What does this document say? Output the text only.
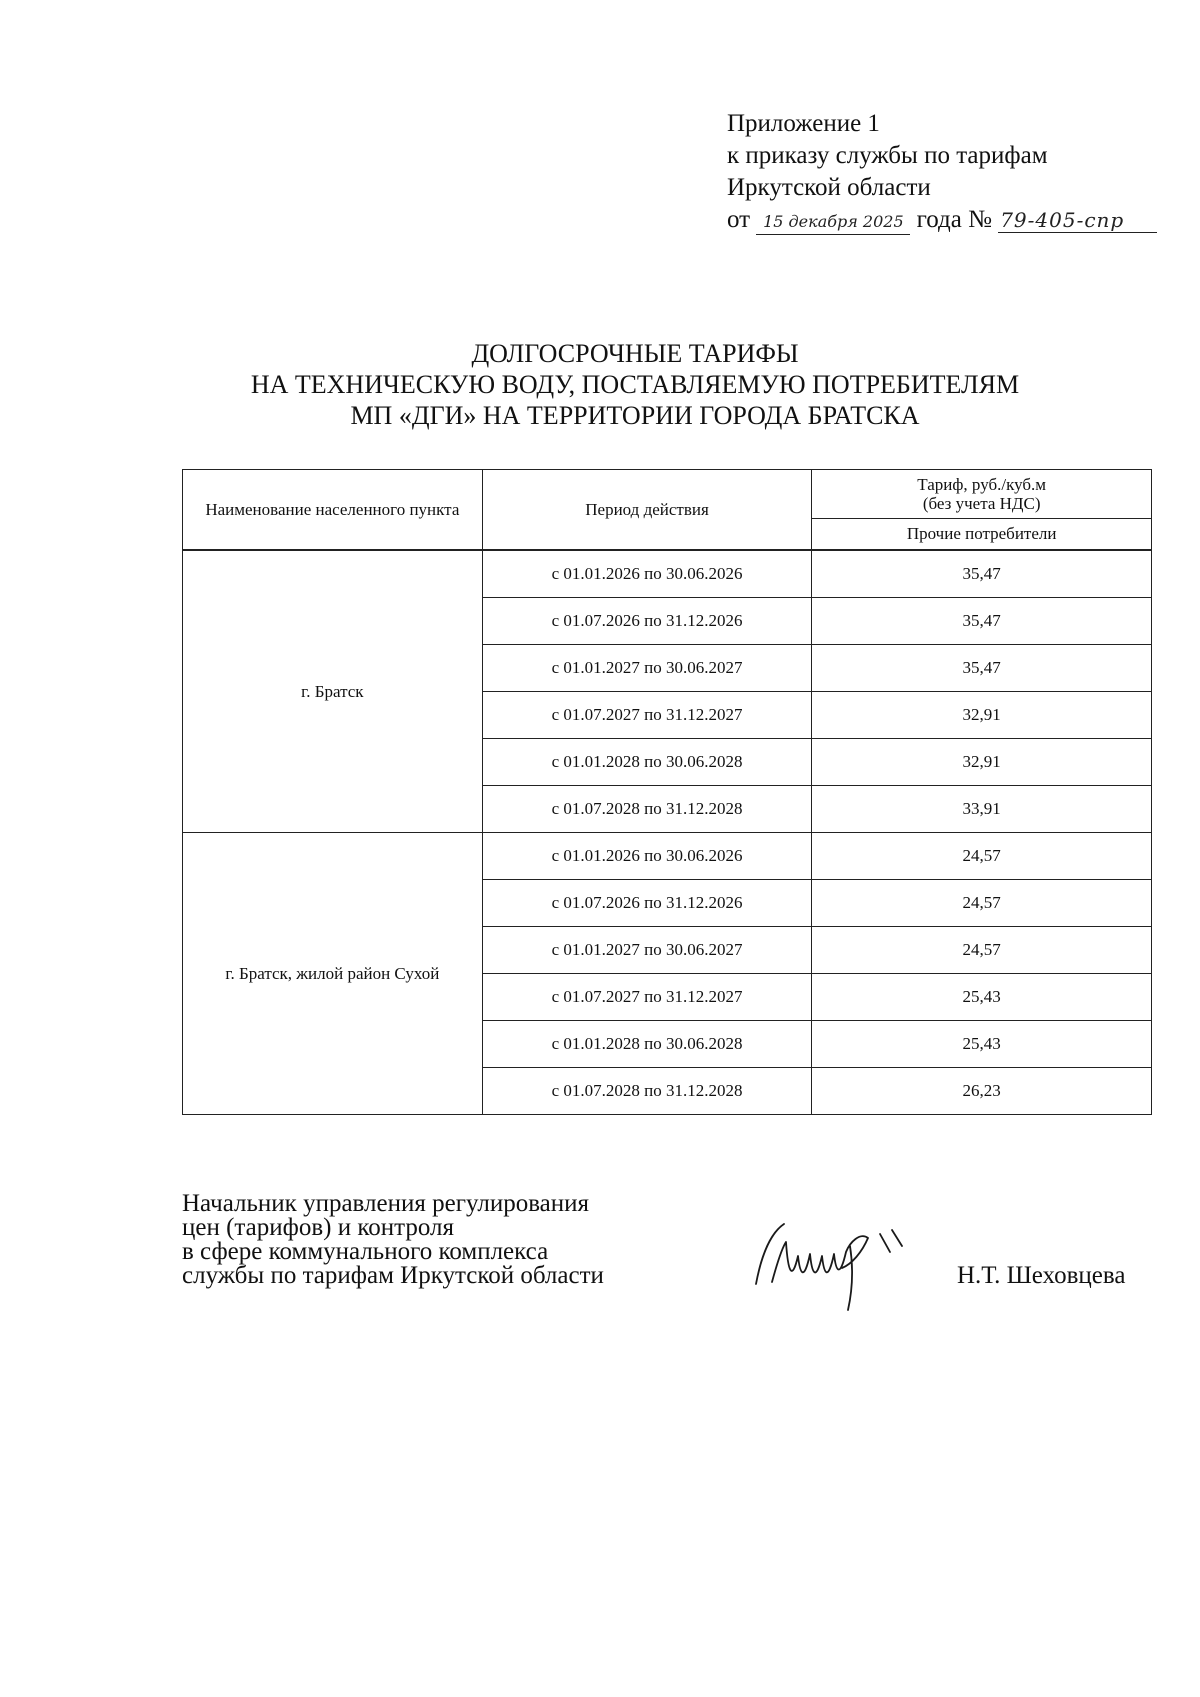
Приложение 1
к приказу службы по тарифам
Иркутской области
от 15 декабря 2025 года № 79-405-спр
ДОЛГОСРОЧНЫЕ ТАРИФЫ
НА ТЕХНИЧЕСКУЮ ВОДУ, ПОСТАВЛЯЕМУЮ ПОТРЕБИТЕЛЯМ
МП «ДГИ» НА ТЕРРИТОРИИ ГОРОДА БРАТСКА
Наименование населенного пункта	Период действия	Тариф, руб./куб.м
(без учета НДС)
		Прочие потребители
г. Братск	с 01.01.2026 по 30.06.2026	35,47
	с 01.07.2026 по 31.12.2026	35,47
	с 01.01.2027 по 30.06.2027	35,47
	с 01.07.2027 по 31.12.2027	32,91
	с 01.01.2028 по 30.06.2028	32,91
	с 01.07.2028 по 31.12.2028	33,91
г. Братск, жилой район Сухой	с 01.01.2026 по 30.06.2026	24,57
	с 01.07.2026 по 31.12.2026	24,57
	с 01.01.2027 по 30.06.2027	24,57
	с 01.07.2027 по 31.12.2027	25,43
	с 01.01.2028 по 30.06.2028	25,43
	с 01.07.2028 по 31.12.2028	26,23
Начальник управления регулирования
цен (тарифов) и контроля
в сфере коммунального комплекса
службы по тарифам Иркутской области	Н.Т. Шеховцева
